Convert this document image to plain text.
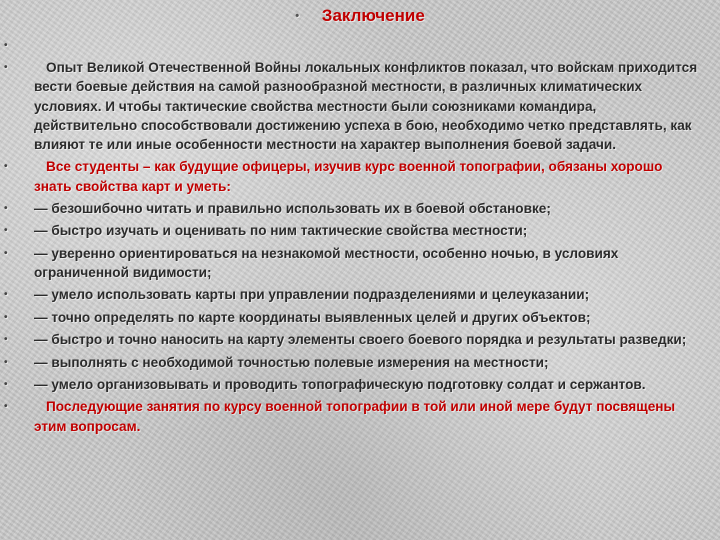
• Заключение
•
•	Опыт Великой Отечественной Войны локальных конфликтов показал, что войскам приходится вести боевые действия на самой разнообразной местности, в различных климатических условиях. И чтобы тактические свойства местности были союзниками командира, действительно способствовали достижению успеха в бою, необходимо четко представлять, как влияют те или иные особенности местности на характер выполнения боевой задачи.
•	Все студенты – как будущие офицеры, изучив курс военной топографии, обязаны хорошо знать свойства карт и уметь:
• — безошибочно читать и правильно использовать их в боевой обстановке;
• — быстро изучать и оценивать по ним тактические свойства местности;
• — уверенно ориентироваться на незнакомой местности, особенно ночью, в условиях ограниченной видимости;
• — умело использовать карты при управлении подразделениями и целеуказании;
• — точно определять по карте координаты выявленных целей и других объектов;
• — быстро и точно наносить на карту элементы своего боевого порядка и результаты разведки;
• — выполнять с необходимой точностью полевые измерения на местности;
• — умело организовывать и проводить топографическую подготовку солдат и сержантов.
•	Последующие занятия по курсу военной топографии в той или иной мере будут посвящены этим вопросам.
